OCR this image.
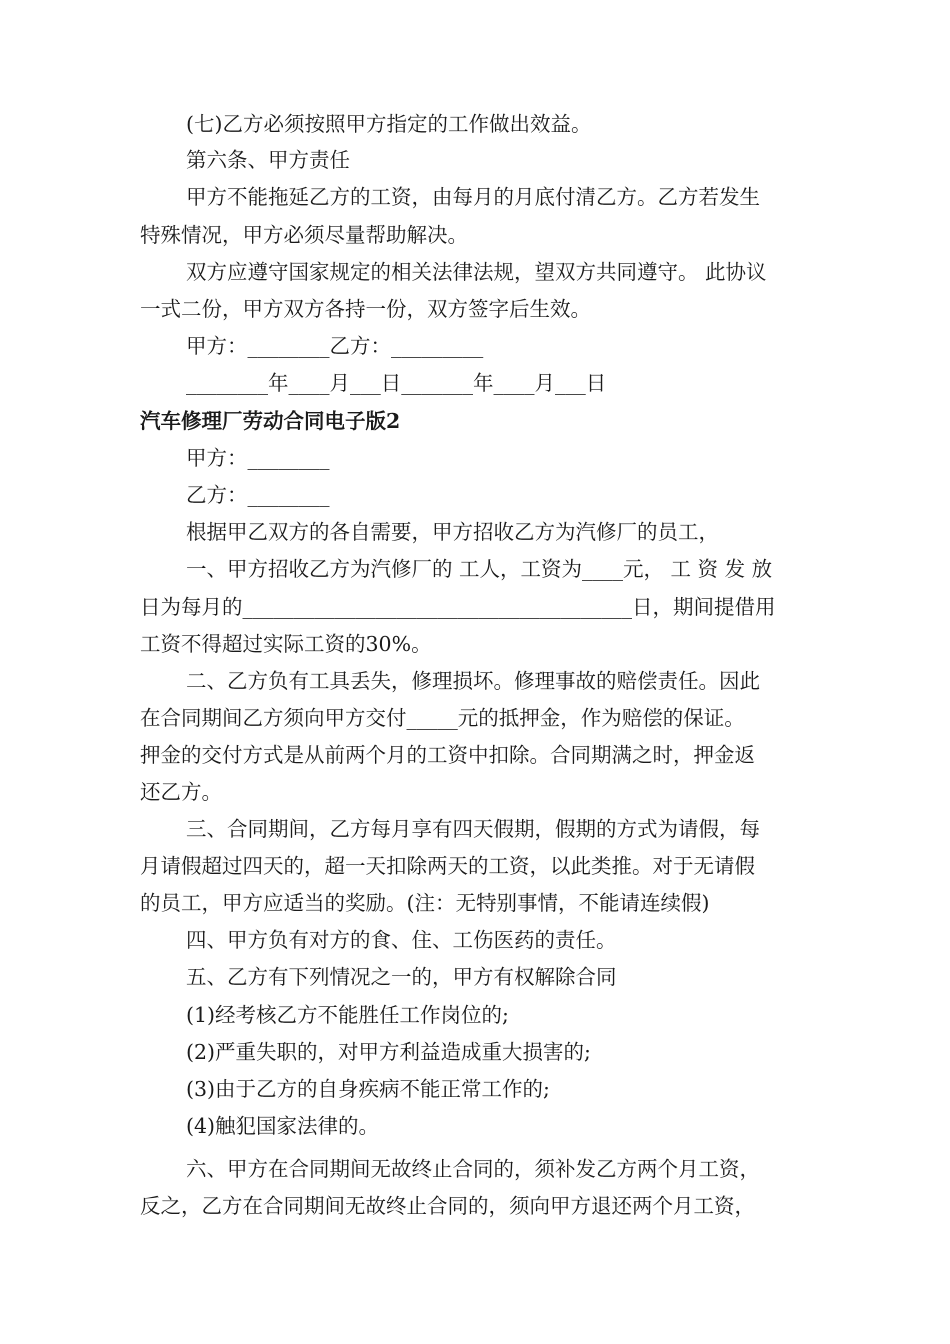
(七)乙方必须按照甲方指定的工作做出效益。
第六条、甲方责任
甲方不能拖延乙方的工资，由每月的月底付清乙方。乙方若发生
特殊情况，甲方必须尽量帮助解决。
双方应遵守国家规定的相关法律法规，望双方共同遵守。 此协议
一式二份，甲方双方各持一份，双方签字后生效。
甲方：________乙方：_________
________年____月___日_______年____月___日
汽车修理厂劳动合同电子版2
甲方：________
乙方：________
根据甲乙双方的各自需要，甲方招收乙方为汽修厂的员工，
一、甲方招收乙方为汽修厂的 工人，工资为____元， 工 资 发 放
日为每月的______________________________________日，期间提借用
工资不得超过实际工资的30%。
二、乙方负有工具丢失，修理损坏。修理事故的赔偿责任。因此
在合同期间乙方须向甲方交付_____元的抵押金，作为赔偿的保证。
押金的交付方式是从前两个月的工资中扣除。合同期满之时，押金返
还乙方。
三、合同期间，乙方每月享有四天假期，假期的方式为请假，每
月请假超过四天的，超一天扣除两天的工资，以此类推。对于无请假
的员工，甲方应适当的奖励。(注：无特别事情，不能请连续假)
四、甲方负有对方的食、住、工伤医药的责任。
五、乙方有下列情况之一的，甲方有权解除合同
(1)经考核乙方不能胜任工作岗位的;
(2)严重失职的，对甲方利益造成重大损害的;
(3)由于乙方的自身疾病不能正常工作的;
(4)触犯国家法律的。
六、甲方在合同期间无故终止合同的，须补发乙方两个月工资，
反之，乙方在合同期间无故终止合同的，须向甲方退还两个月工资，
